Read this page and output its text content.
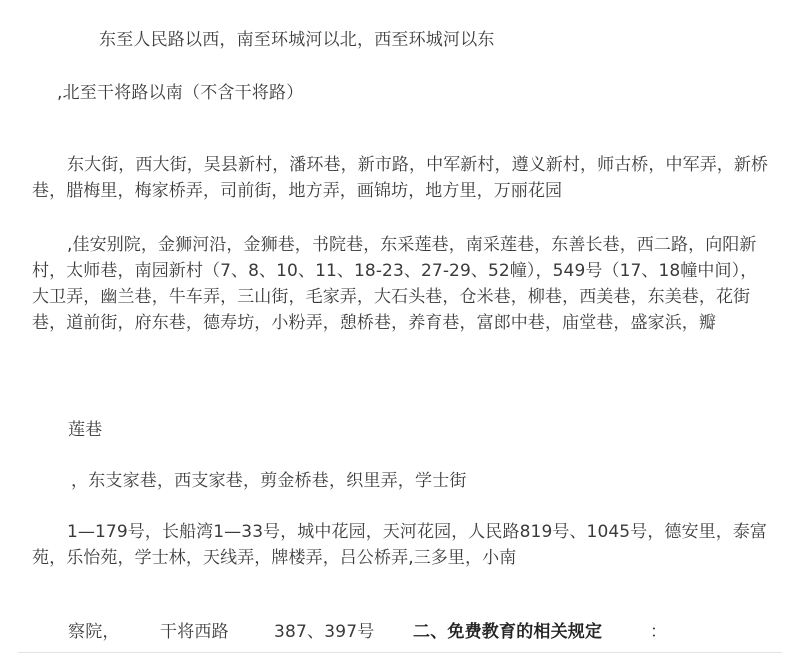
东至人民路以西，南至环城河以北，西至环城河以东
,北至干将路以南（不含干将路）
东大街，西大街，吴县新村，潘环巷，新市路，中军新村，遵义新村，师古桥，中军弄，新桥巷，腊梅里，梅家桥弄，司前街，地方弄，画锦坊，地方里，万丽花园
,佳安别院，金狮河沿，金狮巷，书院巷，东采莲巷，南采莲巷，东善长巷，西二路，向阳新村，太师巷，南园新村（7、8、10、11、18-23、27-29、52幢），549号（17、18幢中间），大卫弄，幽兰巷，牛车弄，三山街，毛家弄，大石头巷，仓米巷，柳巷，西美巷，东美巷，花街巷，道前街，府东巷，德寿坊，小粉弄，憩桥巷，养育巷，富郎中巷，庙堂巷，盛家浜，瓣
莲巷
，东支家巷，西支家巷，剪金桥巷，织里弄，学士街
1—179号，长船湾1—33号，城中花园，天河花园，人民路819号、1045号，德安里，泰富苑，乐怡苑，学士林，天线弄，牌楼弄，吕公桥弄,三多里，小南
察院， 干将西路	387、397号 二、免费教育的相关规定	：
